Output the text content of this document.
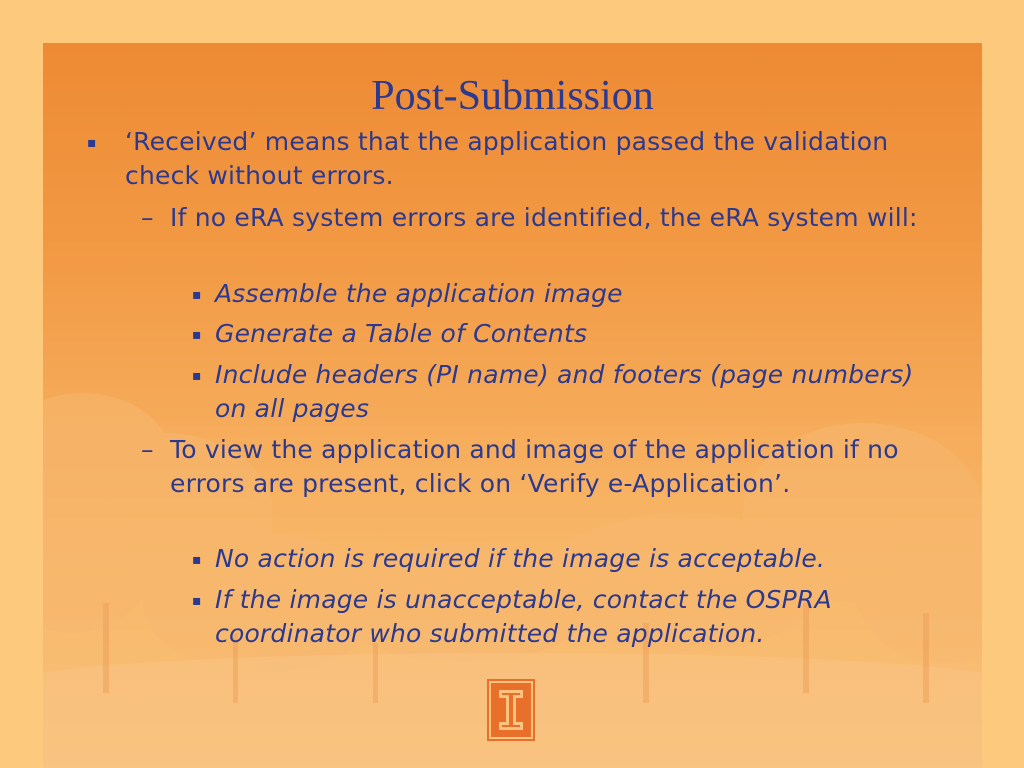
Post-Submission
▪ ‘Received’ means that the application passed the validation check without errors.
– If no eRA system errors are identified, the eRA system will:
▪ Assemble the application image
▪ Generate a Table of Contents
▪ Include headers (PI name) and footers (page numbers) on all pages
– To view the application and image of the application if no errors are present, click on ‘Verify e-Application’.
▪ No action is required if the image is acceptable.
▪ If the image is unacceptable, contact the OSPRA coordinator who submitted the application.
